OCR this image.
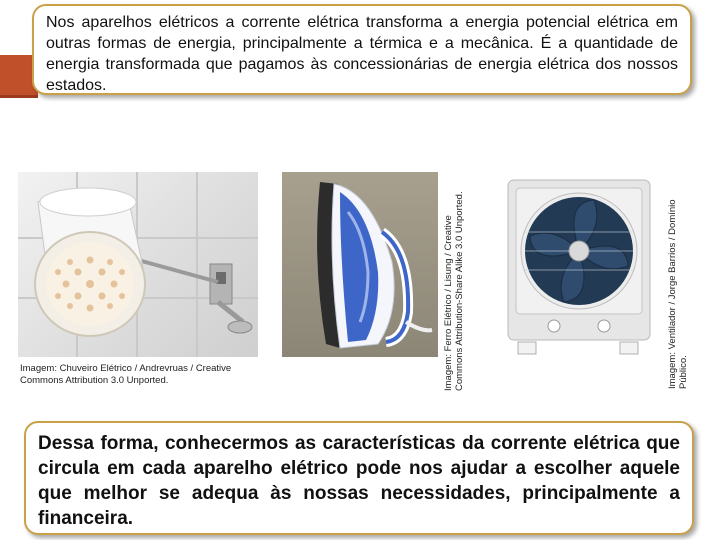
Nos aparelhos elétricos a corrente elétrica transforma a energia potencial elétrica em outras formas de energia, principalmente a térmica e a mecânica. É a quantidade de energia transformada que pagamos às concessionárias de energia elétrica dos nossos estados.
Imagem: Chuveiro Elétrico / Andrevruas / Creative Commons Attribution 3.0 Unported.	Imagem: Ferro Elétrico / Lisung / Creative Commons Attribution-Share Alike 3.0 Unported.	Imagem: Ventilador / Jorge Barrios / Domínio Público.
Dessa forma, conhecermos as características da corrente elétrica que circula em cada aparelho elétrico pode nos ajudar a escolher aquele que melhor se adequa às nossas necessidades, principalmente a financeira.
